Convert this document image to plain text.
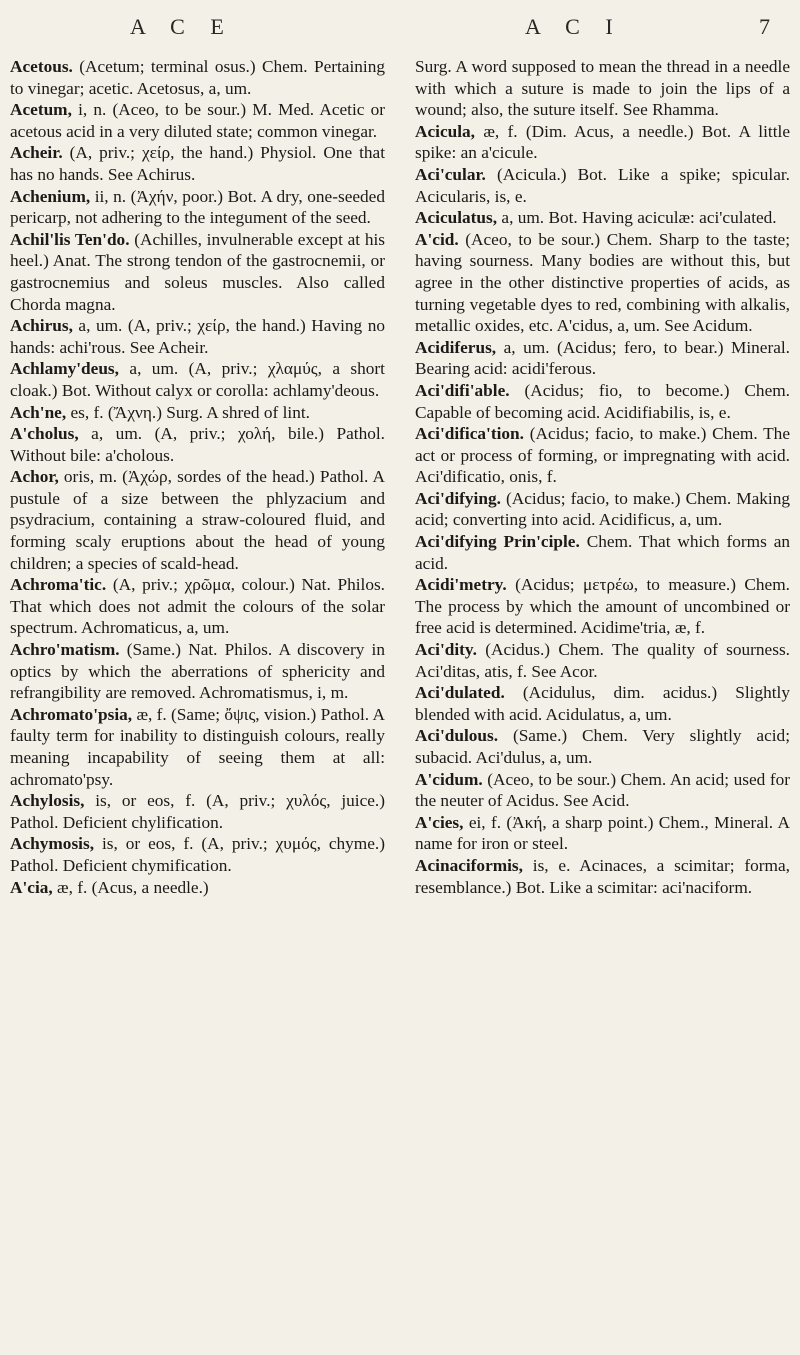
A C E	A C I	7

Acetous. (Acetum; terminal osus.) Chem. Pertaining to vinegar; acetic. Acetosus, a, um.

Acetum, i, n. (Aceo, to be sour.) M. Med. Acetic or acetous acid in a very diluted state; common vinegar.

Acheir. (A, priv.; χείρ, the hand.) Physiol. One that has no hands. See Achirus.

Achenium, ii, n. (Ἀχήν, poor.) Bot. A dry, one-seeded pericarp, not adhering to the integument of the seed.

Achil'lis Ten'do. (Achilles, invulnerable except at his heel.) Anat. The strong tendon of the gastrocnemii, or gastrocnemius and soleus muscles. Also called Chorda magna.

Achirus, a, um. (A, priv.; χείρ, the hand.) Having no hands: achi'rous. See Acheir.

Achlamy'deus, a, um. (A, priv.; χλαμύς, a short cloak.) Bot. Without calyx or corolla: achlamy'deous.

Ach'ne, es, f. (Ἄχνη.) Surg. A shred of lint.

A'cholus, a, um. (A, priv.; χολή, bile.) Pathol. Without bile: a'cholous.

Achor, oris, m. (Ἀχώρ, sordes of the head.) Pathol. A pustule of a size between the phlyzacium and psydracium, containing a straw-coloured fluid, and forming scaly eruptions about the head of young children; a species of scald-head.

Achroma'tic. (A, priv.; χρῶμα, colour.) Nat. Philos. That which does not admit the colours of the solar spectrum. Achromaticus, a, um.

Achro'matism. (Same.) Nat. Philos. A discovery in optics by which the aberrations of sphericity and refrangibility are removed. Achromatismus, i, m.

Achromato'psia, æ, f. (Same; ὄψις, vision.) Pathol. A faulty term for inability to distinguish colours, really meaning incapability of seeing them at all: achromato'psy.

Achylosis, is, or eos, f. (A, priv.; χυλός, juice.) Pathol. Deficient chylification.

Achymosis, is, or eos, f. (A, priv.; χυμός, chyme.) Pathol. Deficient chymification.

A'cia, æ, f. (Acus, a needle.)

Surg. A word supposed to mean the thread in a needle with which a suture is made to join the lips of a wound; also, the suture itself. See Rhamma.

Acicula, æ, f. (Dim. Acus, a needle.) Bot. A little spike: an a'cicule.

Aci'cular. (Acicula.) Bot. Like a spike; spicular. Acicularis, is, e.

Aciculatus, a, um. Bot. Having aciculæ: aci'culated.

A'cid. (Aceo, to be sour.) Chem. Sharp to the taste; having sourness. Many bodies are without this, but agree in the other distinctive properties of acids, as turning vegetable dyes to red, combining with alkalis, metallic oxides, etc. A'cidus, a, um. See Acidum.

Acidiferus, a, um. (Acidus; fero, to bear.) Mineral. Bearing acid: acidi'ferous.

Aci'difi'able. (Acidus; fio, to become.) Chem. Capable of becoming acid. Acidifiabilis, is, e.

Aci'difica'tion. (Acidus; facio, to make.) Chem. The act or process of forming, or impregnating with acid. Aci'dificatio, onis, f.

Aci'difying. (Acidus; facio, to make.) Chem. Making acid; converting into acid. Acidificus, a, um.

Aci'difying Prin'ciple. Chem. That which forms an acid.

Acidi'metry. (Acidus; μετρέω, to measure.) Chem. The process by which the amount of uncombined or free acid is determined. Acidime'tria, æ, f.

Aci'dity. (Acidus.) Chem. The quality of sourness. Aci'ditas, atis, f. See Acor.

Aci'dulated. (Acidulus, dim. acidus.) Slightly blended with acid. Acidulatus, a, um.

Aci'dulous. (Same.) Chem. Very slightly acid; subacid. Aci'dulus, a, um.

A'cidum. (Aceo, to be sour.) Chem. An acid; used for the neuter of Acidus. See Acid.

A'cies, ei, f. (Ἀκή, a sharp point.) Chem., Mineral. A name for iron or steel.

Acinaciformis, is, e. Acinaces, a scimitar; forma, resemblance.) Bot. Like a scimitar: aci'naciform.
